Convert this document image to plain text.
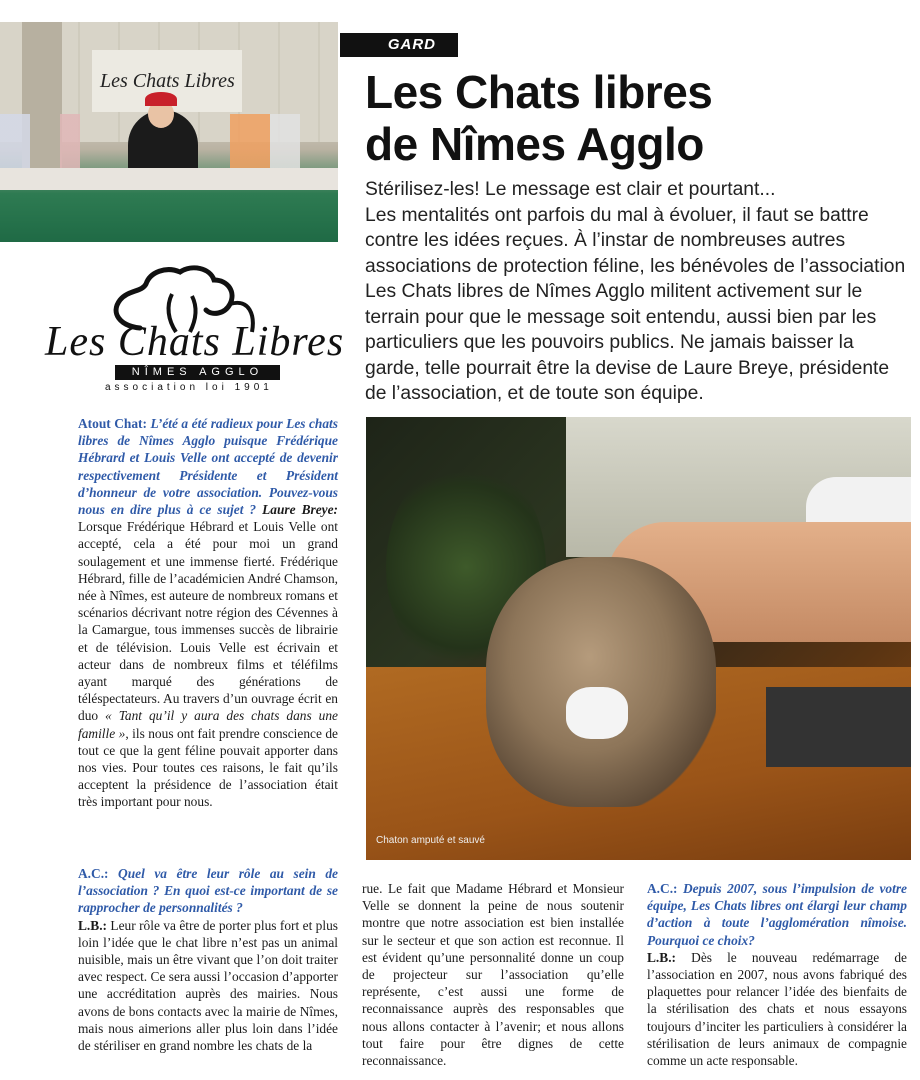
Les Chats Libres
GARD
Les Chats libres
de Nîmes Agglo
Stérilisez-les! Le message est clair et pourtant...
Les mentalités ont parfois du mal à évoluer, il faut se battre
contre les idées reçues. À l’instar de nombreuses autres
associations de protection féline, les bénévoles de l’association
Les Chats libres de Nîmes Agglo militent activement sur le
terrain pour que le message soit entendu, aussi bien par les
particuliers que les pouvoirs publics. Ne jamais baisser la
garde, telle pourrait être la devise de Laure Breye, présidente
de l’association, et de toute son équipe.
Les Chats Libres
NÎMES AGGLO
association loi 1901
Atout Chat: L’été a été radieux pour Les chats libres de Nîmes Agglo puisque Frédérique Hébrard et Louis Velle ont accepté de devenir respectivement Présidente et Président d’honneur de votre association. Pouvez-vous nous en dire plus à ce sujet ? Laure Breye: Lorsque Frédérique Hébrard et Louis Velle ont accepté, cela a été pour moi un grand soulagement et une immense fierté. Frédérique Hébrard, fille de l’académicien André Chamson, née à Nîmes, est auteure de nombreux romans et scénarios décrivant notre région des Cévennes à la Camargue, tous immenses succès de librairie et de télévision. Louis Velle est écrivain et acteur dans de nombreux films et téléfilms ayant marqué des générations de téléspectateurs. Au travers d’un ouvrage écrit en duo « Tant qu’il y aura des chats dans une famille », ils nous ont fait prendre conscience de tout ce que la gent féline pouvait apporter dans nos vies. Pour toutes ces raisons, le fait qu’ils acceptent la présidence de l’association était très important pour nous.
Chaton amputé et sauvé
A.C.: Quel va être leur rôle au sein de l’association ? En quoi est-ce important de se rapprocher de personnalités ?
L.B.: Leur rôle va être de porter plus fort et plus loin l’idée que le chat libre n’est pas un animal nuisible, mais un être vivant que l’on doit traiter avec respect. Ce sera aussi l’occasion d’apporter une accréditation auprès des mairies. Nous avons de bons contacts avec la mairie de Nîmes, mais nous aimerions aller plus loin dans l’idée de stériliser en grand nombre les chats de la
rue. Le fait que Madame Hébrard et Monsieur Velle se donnent la peine de nous soutenir montre que notre association est bien installée sur le secteur et que son action est reconnue. Il est évident qu’une personnalité donne un coup de projecteur sur l’association qu’elle représente, c’est aussi une forme de reconnaissance auprès des responsables que nous allons contacter à l’avenir; et nous allons tout faire pour être dignes de cette reconnaissance.
A.C.: Depuis 2007, sous l’impulsion de votre équipe, Les Chats libres ont élargi leur champ d’action à toute l’agglomération nîmoise. Pourquoi ce choix?
L.B.: Dès le nouveau redémarrage de l’association en 2007, nous avons fabriqué des plaquettes pour relancer l’idée des bienfaits de la stérilisation des chats et nous essayons toujours d’inciter les particuliers à considérer la stérilisation de leurs animaux de compagnie comme un acte responsable.
